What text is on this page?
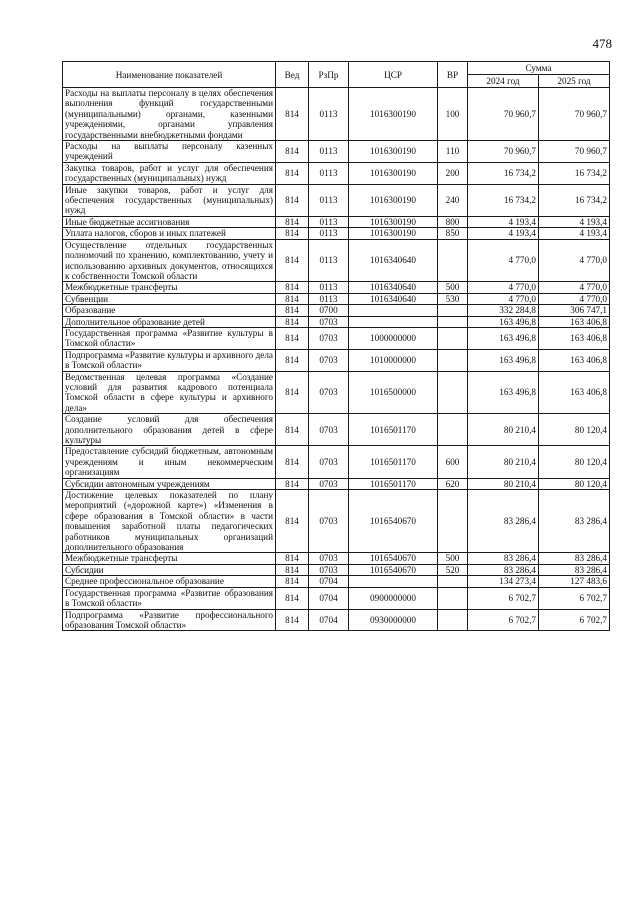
478
Наименование показателей	Вед	РзПр	ЦСР	ВР	Сумма	
					2024 год	2025 год
Расходы на выплаты персоналу в целях обеспечения выполнения функций государственными (муниципальными) органами, казенными учреждениями, органами управления государственными внебюджетными фондами	814	0113	1016300190	100	70 960,7	70 960,7
Расходы на выплаты персоналу казенных учреждений	814	0113	1016300190	110	70 960,7	70 960,7
Закупка товаров, работ и услуг для обеспечения государственных (муниципальных) нужд	814	0113	1016300190	200	16 734,2	16 734,2
Иные закупки товаров, работ и услуг для обеспечения государственных (муниципальных) нужд	814	0113	1016300190	240	16 734,2	16 734,2
Иные бюджетные ассигнования	814	0113	1016300190	800	4 193,4	4 193,4
Уплата налогов, сборов и иных платежей	814	0113	1016300190	850	4 193,4	4 193,4
Осуществление отдельных государственных полномочий по хранению, комплектованию, учету и использованию архивных документов, относящихся к собственности Томской области	814	0113	1016340640		4 770,0	4 770,0
Межбюджетные трансферты	814	0113	1016340640	500	4 770,0	4 770,0
Субвенции	814	0113	1016340640	530	4 770,0	4 770,0
Образование	814	0700			332 284,8	306 747,1
Дополнительное образование детей	814	0703			163 496,8	163 406,8
Государственная программа «Развитие культуры в Томской области»	814	0703	1000000000		163 496,8	163 406,8
Подпрограмма «Развитие культуры и архивного дела в Томской области»	814	0703	1010000000		163 496,8	163 406,8
Ведомственная целевая программа «Создание условий для развития кадрового потенциала Томской области в сфере культуры и архивного дела»	814	0703	1016500000		163 496,8	163 406,8
Создание условий для обеспечения дополнительного образования детей в сфере культуры	814	0703	1016501170		80 210,4	80 120,4
Предоставление субсидий бюджетным, автономным учреждениям и иным некоммерческим организациям	814	0703	1016501170	600	80 210,4	80 120,4
Субсидии автономным учреждениям	814	0703	1016501170	620	80 210,4	80 120,4
Достижение целевых показателей по плану мероприятий («дорожной карте») «Изменения в сфере образования в Томской области» в части повышения заработной платы педагогических работников муниципальных организаций дополнительного образования	814	0703	1016540670		83 286,4	83 286,4
Межбюджетные трансферты	814	0703	1016540670	500	83 286,4	83 286,4
Субсидии	814	0703	1016540670	520	83 286,4	83 286,4
Среднее профессиональное образование	814	0704			134 273,4	127 483,6
Государственная программа «Развитие образования в Томской области»	814	0704	0900000000		6 702,7	6 702,7
Подпрограмма «Развитие профессионального образования Томской области»	814	0704	0930000000		6 702,7	6 702,7
